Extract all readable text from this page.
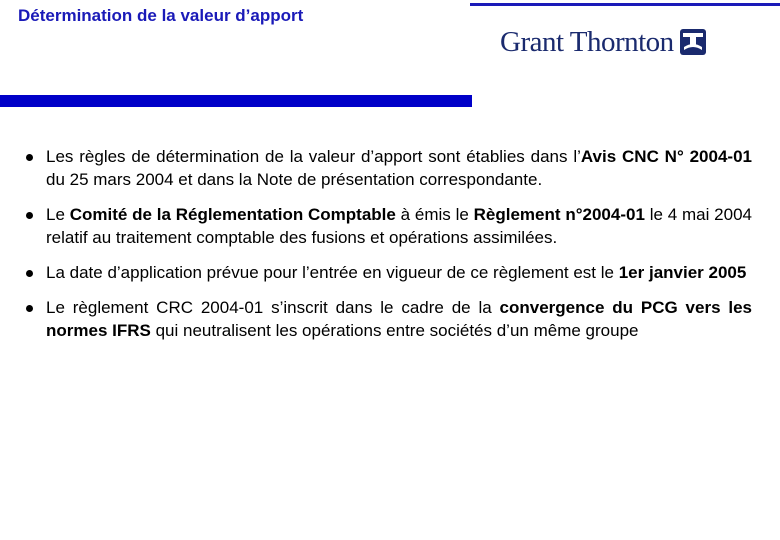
Détermination de la valeur d’apport
Grant Thornton
Les règles de détermination de la valeur d’apport sont établies dans l’Avis CNC N° 2004-01 du 25 mars 2004 et dans la Note de présentation correspondante.
Le Comité de la Réglementation Comptable à émis le Règlement n°2004-01 le 4 mai 2004 relatif au traitement comptable des fusions et opérations assimilées.
La date d’application prévue pour l’entrée en vigueur de ce règlement est le 1er janvier 2005
Le règlement CRC 2004-01 s’inscrit dans le cadre de la convergence du PCG vers les normes IFRS qui neutralisent les opérations entre sociétés d’un même groupe
